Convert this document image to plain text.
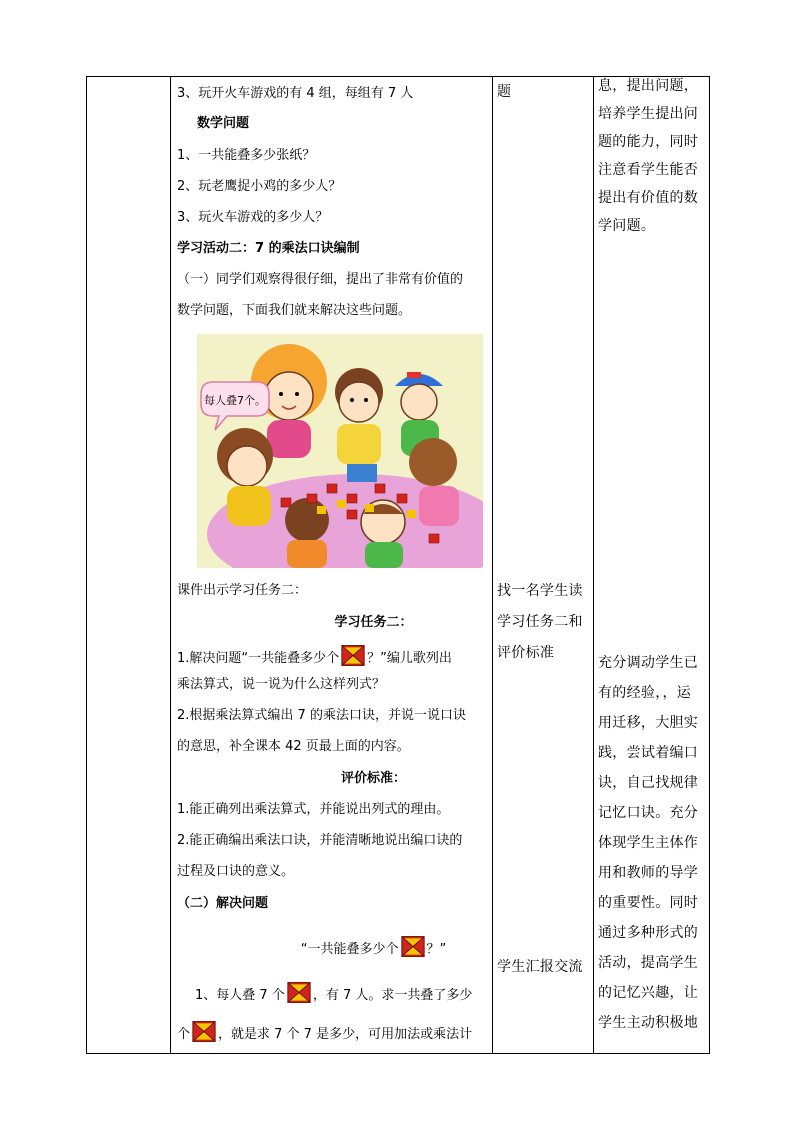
3、玩开火车游戏的有 4 组，每组有 7 人
数学问题
1、一共能叠多少张纸？
2、玩老鹰捉小鸡的多少人？
3、玩火车游戏的多少人？
学习活动二：7 的乘法口诀编制
（一）同学们观察得很仔细，提出了非常有价值的
数学问题，下面我们就来解决这些问题。
每人叠7个。
课件出示学习任务二：
学习任务二：
1.解决问题“一共能叠多少个 ？”编儿歌列出
乘法算式，说一说为什么这样列式？
2.根据乘法算式编出 7 的乘法口诀，并说一说口诀
的意思，补全课本 42 页最上面的内容。
评价标准：
1.能正确列出乘法算式，并能说出列式的理由。
2.能正确编出乘法口诀，并能清晰地说出编口诀的
过程及口诀的意义。
（二）解决问题
“一共能叠多少个 ？”
1、每人叠 7 个 ，有 7 人。求一共叠了多少
个 ，就是求 7 个 7 是多少，可用加法或乘法计
题
找一名学生读
学习任务二和
评价标准
学生汇报交流
息，提出问题，
培养学生提出问
题的能力，同时
注意看学生能否
提出有价值的数
学问题。
充分调动学生已
有的经验，，运
用迁移，大胆实
践，尝试着编口
诀，自己找规律
记忆口诀。充分
体现学生主体作
用和教师的导学
的重要性。同时
通过多种形式的
活动，提高学生
的记忆兴趣，让
学生主动积极地
